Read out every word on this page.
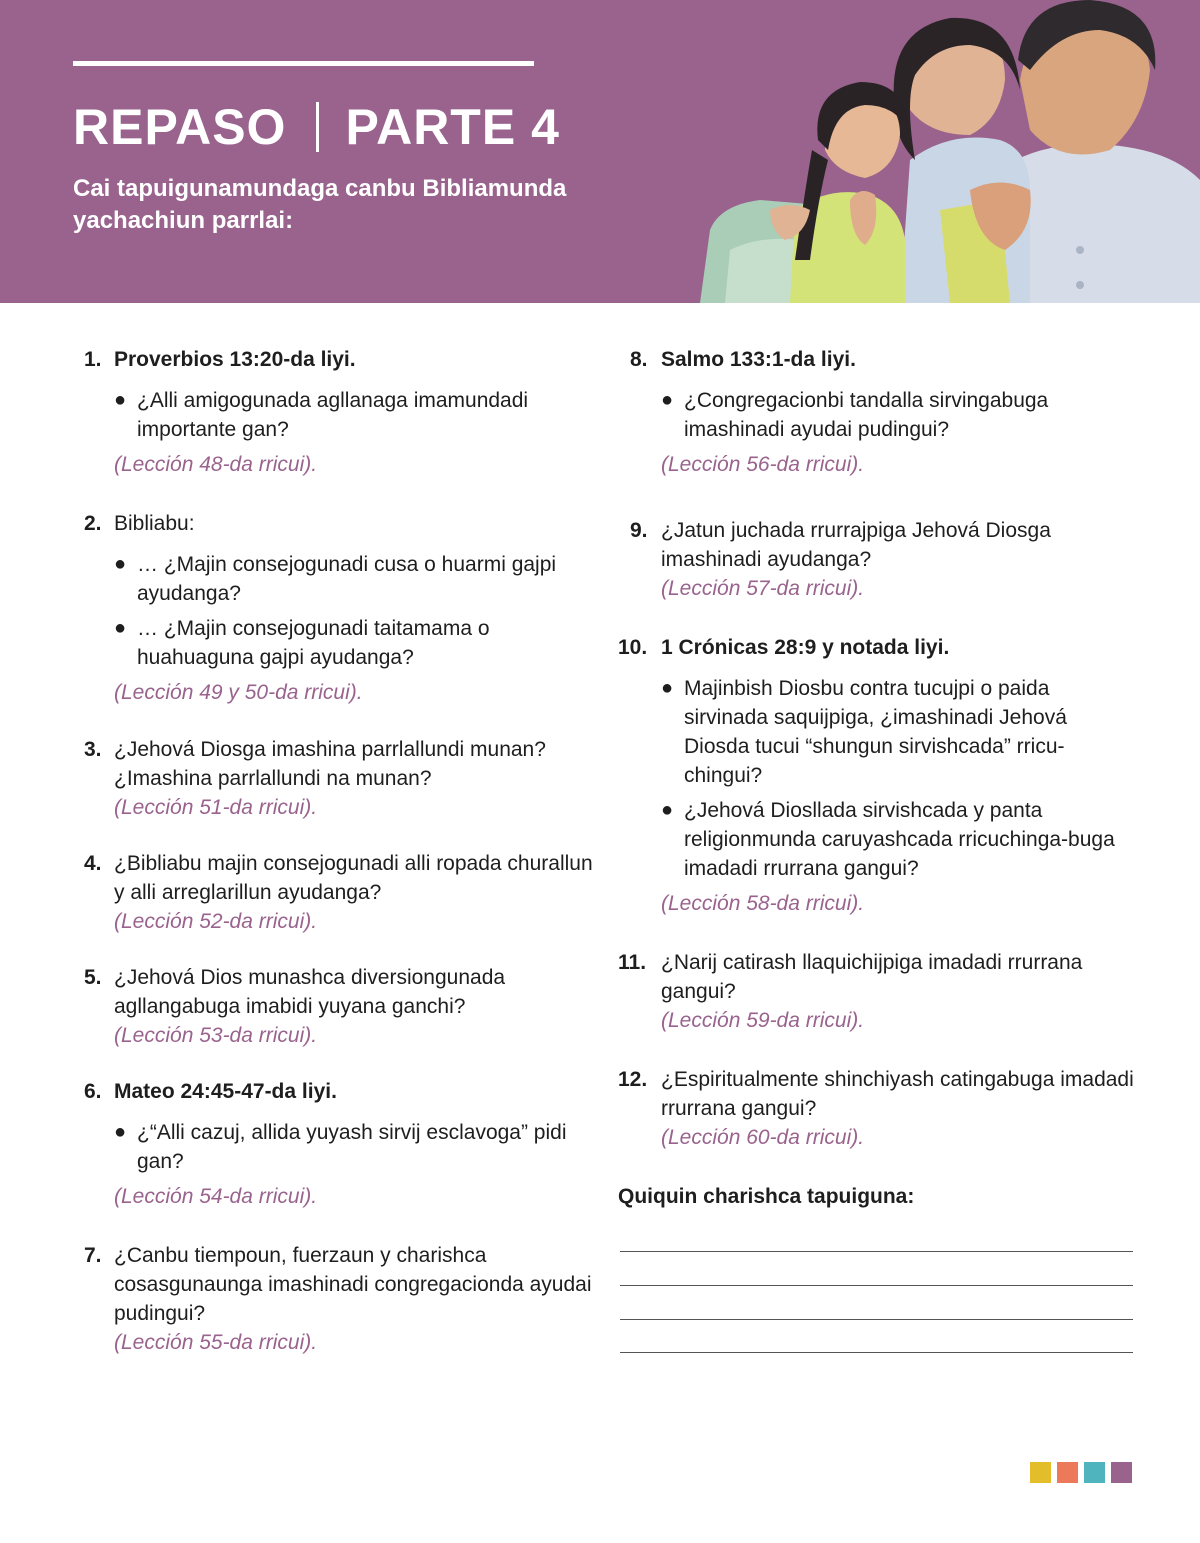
REPASO PARTE 4
Cai tapuigunamundaga canbu Bibliamunda yachachiun parrlai:
1. Proverbios 13:20-da liyi.
● ¿Alli amigogunada agllanaga imamundadi importante gan?
(Lección 48-da rricui).
2. Bibliabu:
● … ¿Majin consejogunadi cusa o huarmi gajpi ayudanga?
● … ¿Majin consejogunadi taitamama o huahuaguna gajpi ayudanga?
(Lección 49 y 50-da rricui).
3. ¿Jehová Diosga imashina parrlallundi munan? ¿Imashina parrlallundi na munan?
(Lección 51-da rricui).
4. ¿Bibliabu majin consejogunadi alli ropada churallun y alli arreglarillun ayudanga?
(Lección 52-da rricui).
5. ¿Jehová Dios munashca diversiongunada agllangabuga imabidi yuyana ganchi?
(Lección 53-da rricui).
6. Mateo 24:45-47-da liyi.
● ¿“Alli cazuj, allida yuyash sirvij esclavoga” pidi gan?
(Lección 54-da rricui).
7. ¿Canbu tiempoun, fuerzaun y charishca cosasgunaunga imashinadi congregacionda ayudai pudingui?
(Lección 55-da rricui).
8. Salmo 133:1-da liyi.
● ¿Congregacionbi tandalla sirvingabuga imashinadi ayudai pudingui?
(Lección 56-da rricui).
9. ¿Jatun juchada rrurrajpiga Jehová Diosga imashinadi ayudanga?
(Lección 57-da rricui).
10. 1 Crónicas 28:9 y notada liyi.
● Majinbish Diosbu contra tucujpi o paida sirvinada saquijpiga, ¿imashinadi Jehová Diosda tucui “shungun sirvishcada” rricu-chingui?
● ¿Jehová Diosllada sirvishcada y panta religionmunda caruyashcada rricuchinga-buga imadadi rrurrana gangui?
(Lección 58-da rricui).
11. ¿Narij catirash llaquichijpiga imadadi rrurrana gangui?
(Lección 59-da rricui).
12. ¿Espiritualmente shinchiyash catingabuga imadadi rrurrana gangui?
(Lección 60-da rricui).
Quiquin charishca tapuiguna:
